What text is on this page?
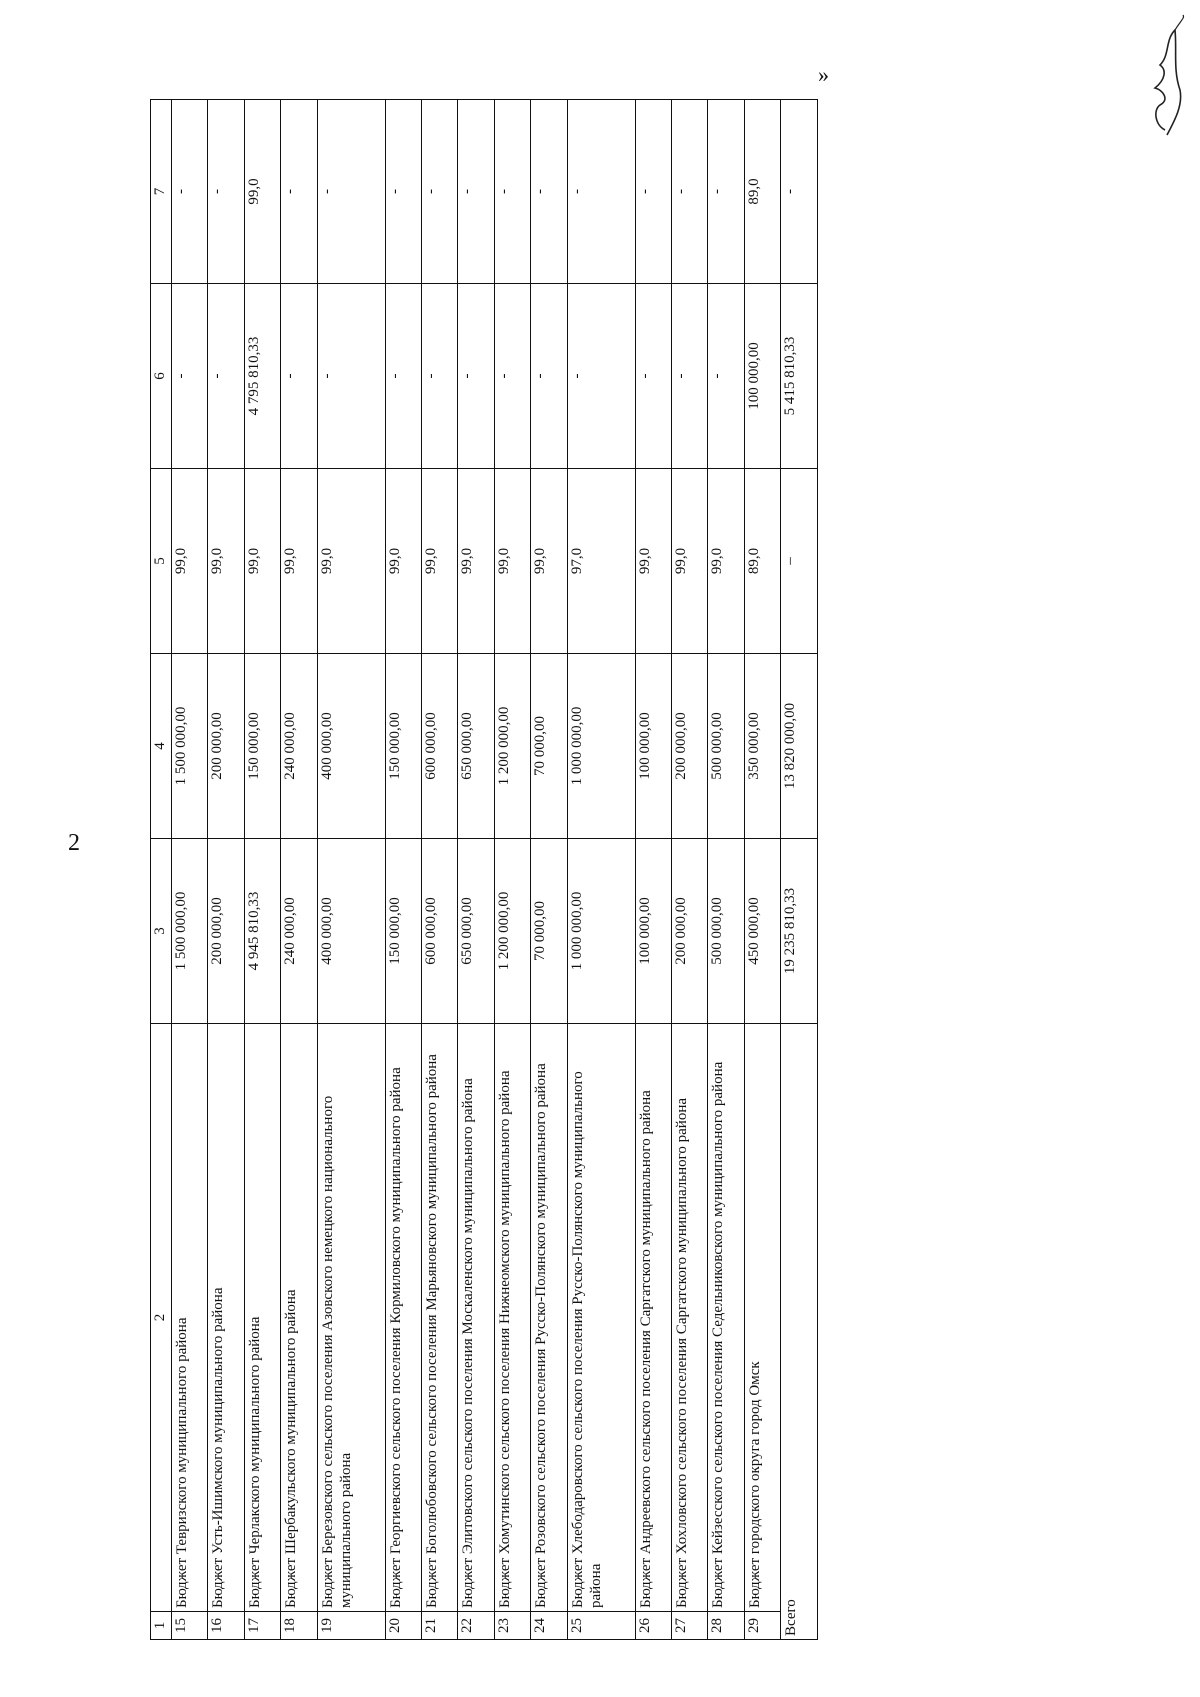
2
»
1	2	3	4	5	6	7
15	Бюджет Тевризского муниципального района	1 500 000,00	1 500 000,00	99,0	-	-
16	Бюджет Усть-Ишимского муниципального района	200 000,00	200 000,00	99,0	-	-
17	Бюджет Черлакского муниципального района	4 945 810,33	150 000,00	99,0	4 795 810,33	99,0
18	Бюджет Шербакульского муниципального района	240 000,00	240 000,00	99,0	-	-
19	Бюджет Березовского сельского поселения Азовского немецкого национального муниципального района	400 000,00	400 000,00	99,0	-	-
20	Бюджет Георгиевского сельского поселения Кормиловского муниципального района	150 000,00	150 000,00	99,0	-	-
21	Бюджет Боголюбовского сельского поселения Марьяновского муниципального района	600 000,00	600 000,00	99,0	-	-
22	Бюджет Элитовского сельского поселения Москаленского муниципального района	650 000,00	650 000,00	99,0	-	-
23	Бюджет Хомутинского сельского поселения Нижнеомского муниципального района	1 200 000,00	1 200 000,00	99,0	-	-
24	Бюджет Розовского сельского поселения Русско-Полянского муниципального района	70 000,00	70 000,00	99,0	-	-
25	Бюджет Хлебодаровского сельского поселения Русско-Полянского муниципального района	1 000 000,00	1 000 000,00	97,0	-	-
26	Бюджет Андреевского сельского поселения Саргатского муниципального района	100 000,00	100 000,00	99,0	-	-
27	Бюджет Хохловского сельского поселения Саргатского муниципального района	200 000,00	200 000,00	99,0	-	-
28	Бюджет Кейзесского сельского поселения Седельниковского муниципального района	500 000,00	500 000,00	99,0	-	-
29	Бюджет городского округа город Омск	450 000,00	350 000,00	89,0	100 000,00	89,0
Всего		19 235 810,33	13 820 000,00	–	5 415 810,33	-
